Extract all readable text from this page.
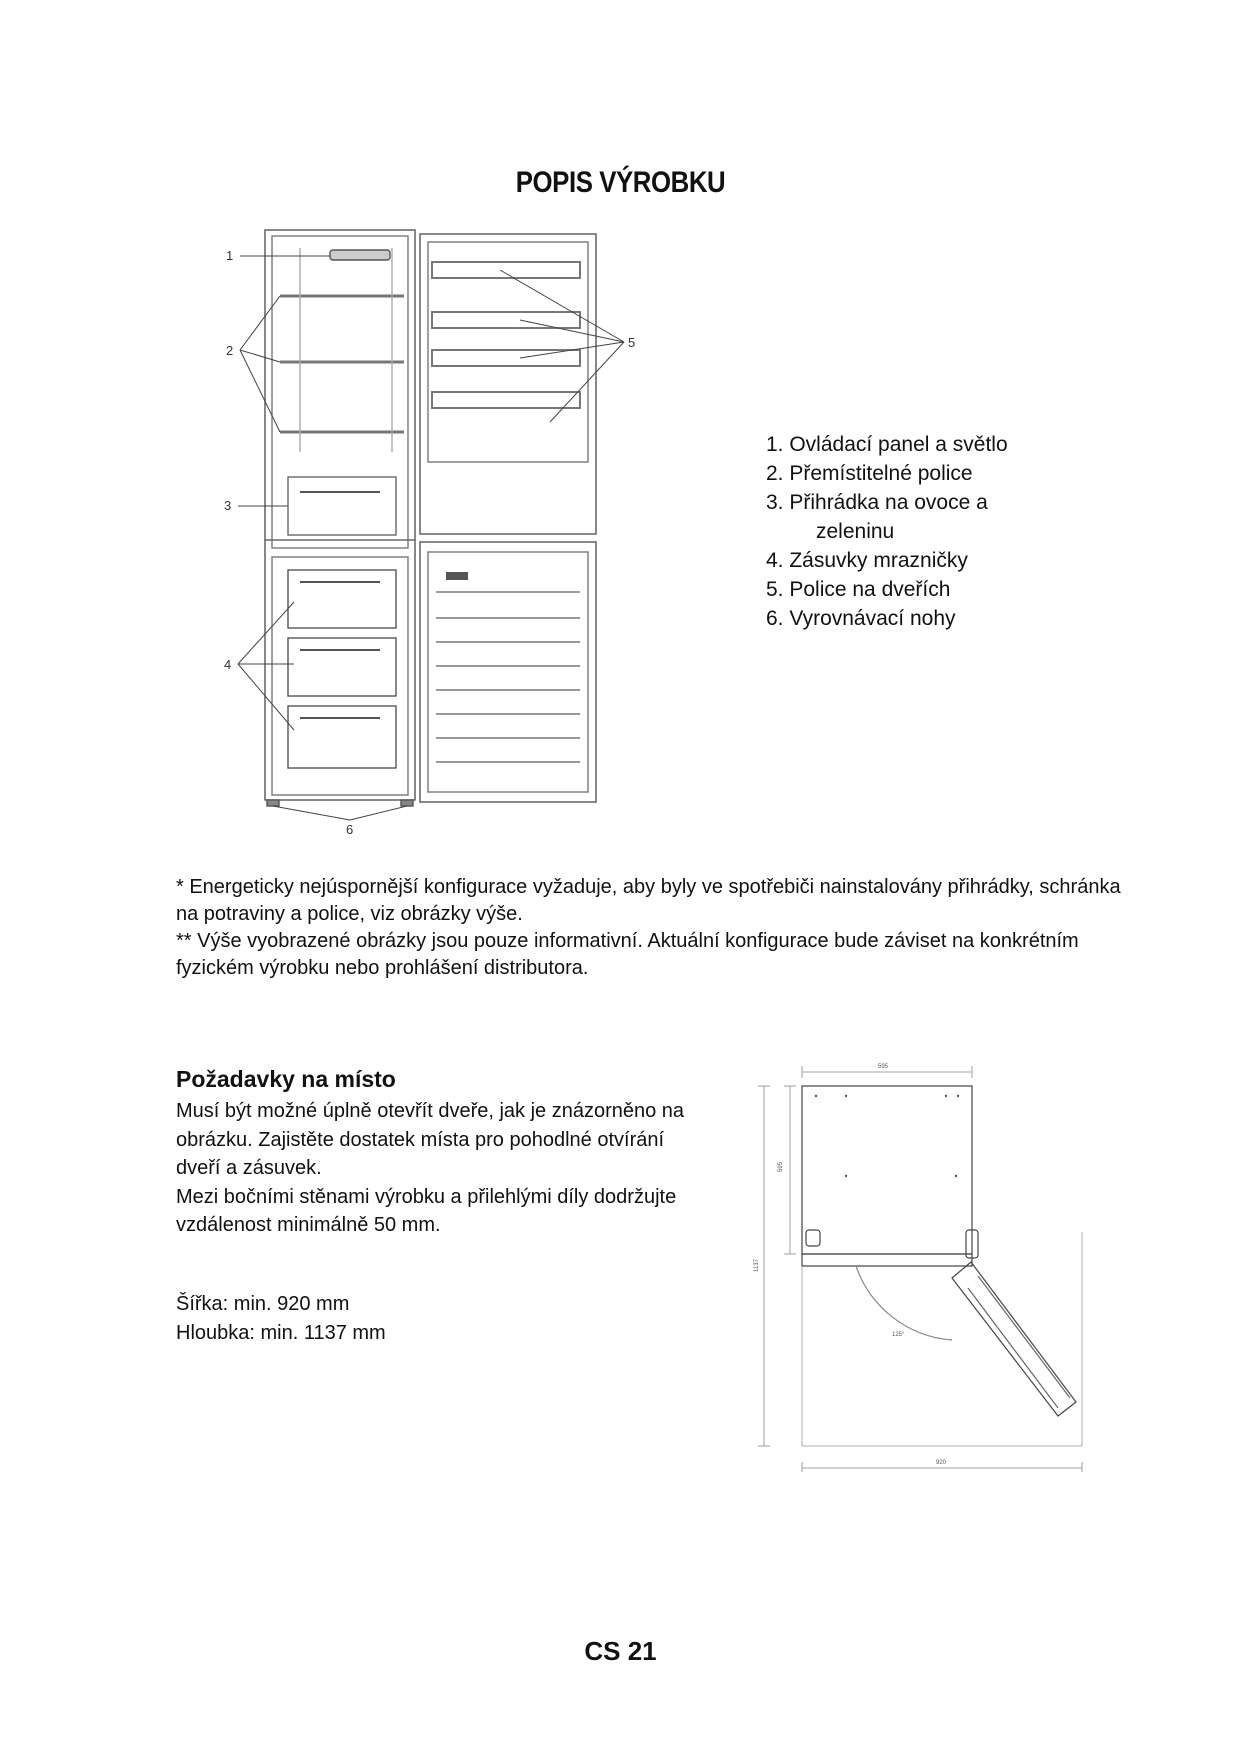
POPIS VÝROBKU
1
2
3
4
5
6
1. Ovládací panel a světlo
2. Přemístitelné police
3. Přihrádka na ovoce a
zeleninu
4. Zásuvky mrazničky
5. Police na dveřích
6. Vyrovnávací nohy

* Energeticky nejúspornější konfigurace vyžaduje, aby byly ve spotřebiči nainstalovány přihrádky, schránka na potraviny a police, viz obrázky výše.

** Výše vyobrazené obrázky jsou pouze informativní. Aktuální konfigurace bude záviset na konkrétním fyzickém výrobku nebo prohlášení distributora.

Požadavky na místo

Musí být možné úplně otevřít dveře, jak je znázorněno na obrázku. Zajistěte dostatek místa pro pohodlné otvírání dveří a zásuvek.

Mezi bočními stěnami výrobku a přilehlými díly dodržujte vzdálenost minimálně 50 mm.

Šířka: min. 920 mm

Hloubka: min. 1137 mm

595
595
1137
920
125°
CS 21
